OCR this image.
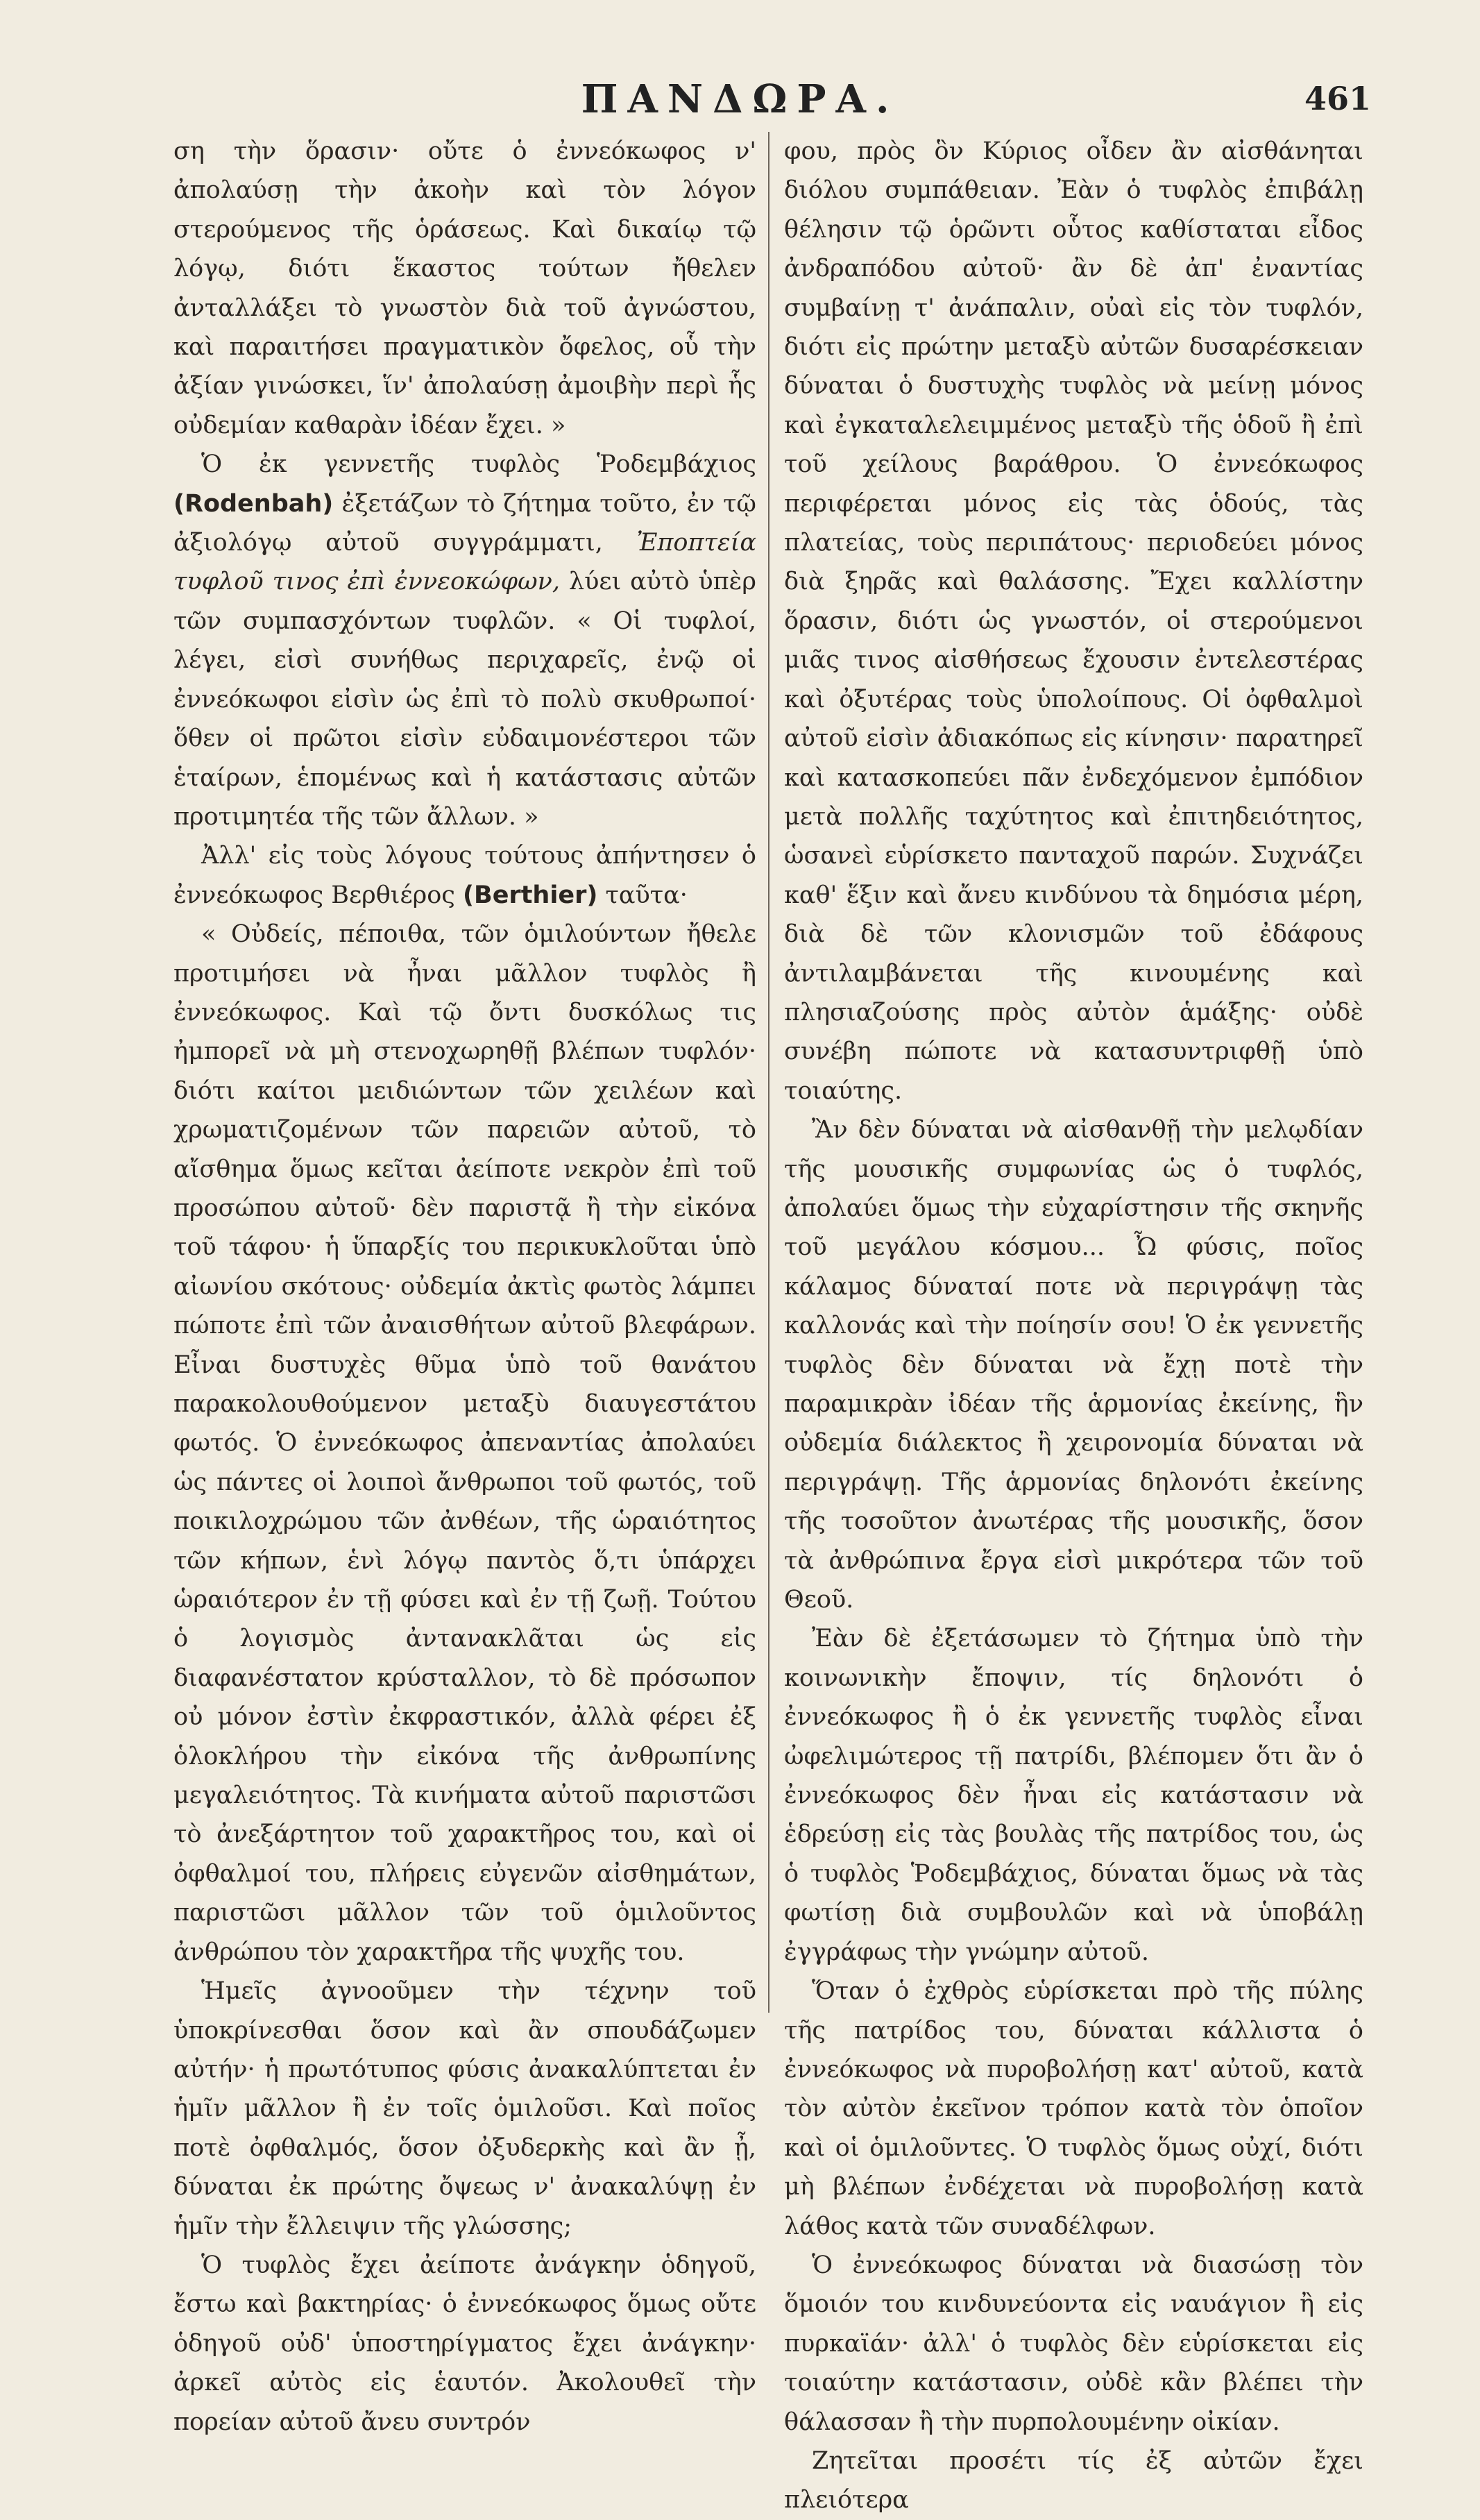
ΠΑΝΔΩΡΑ.	461

ση τὴν ὅρασιν· οὔτε ὁ ἐννεόκωφος ν' ἀπολαύσῃ τὴν ἀκοὴν καὶ τὸν λόγον στερούμενος τῆς ὁράσεως. Καὶ δικαίῳ τῷ λόγῳ, διότι ἕκαστος τούτων ἤθελεν ἀνταλλάξει τὸ γνωστὸν διὰ τοῦ ἀγνώστου, καὶ παραιτήσει πραγματικὸν ὄφελος, οὗ τὴν ἀξίαν γινώσκει, ἵν' ἀπολαύσῃ ἀμοιβὴν περὶ ἧς οὐδεμίαν καθαρὰν ἰδέαν ἔχει. »

Ὁ ἐκ γεννετῆς τυφλὸς Ῥοδεμβάχιος (Rodenbah) ἐξετάζων τὸ ζήτημα τοῦτο, ἐν τῷ ἀξιολόγῳ αὐτοῦ συγγράμματι, Ἐποπτεία τυφλοῦ τινος ἐπὶ ἐννεοκώφων, λύει αὐτὸ ὑπὲρ τῶν συμπασχόντων τυφλῶν. « Οἱ τυφλοί, λέγει, εἰσὶ συνήθως περιχαρεῖς, ἐνῷ οἱ ἐννεόκωφοι εἰσὶν ὡς ἐπὶ τὸ πολὺ σκυθρωποί· ὅθεν οἱ πρῶτοι εἰσὶν εὐδαιμονέστεροι τῶν ἑταίρων, ἑπομένως καὶ ἡ κατάστασις αὐτῶν προτιμητέα τῆς τῶν ἄλλων. »

Ἀλλ' εἰς τοὺς λόγους τούτους ἀπήντησεν ὁ ἐννεόκωφος Βερθιέρος (Berthier) ταῦτα·

« Οὐδείς, πέποιθα, τῶν ὁμιλούντων ἤθελε προτιμήσει νὰ ἦναι μᾶλλον τυφλὸς ἢ ἐννεόκωφος. Καὶ τῷ ὄντι δυσκόλως τις ἠμπορεῖ νὰ μὴ στενοχωρηθῇ βλέπων τυφλόν· διότι καίτοι μειδιώντων τῶν χειλέων καὶ χρωματιζομένων τῶν παρειῶν αὐτοῦ, τὸ αἴσθημα ὅμως κεῖται ἀείποτε νεκρὸν ἐπὶ τοῦ προσώπου αὐτοῦ· δὲν παριστᾷ ἢ τὴν εἰκόνα τοῦ τάφου· ἡ ὕπαρξίς του περικυκλοῦται ὑπὸ αἰωνίου σκότους· οὐδεμία ἀκτὶς φωτὸς λάμπει πώποτε ἐπὶ τῶν ἀναισθήτων αὐτοῦ βλεφάρων. Εἶναι δυστυχὲς θῦμα ὑπὸ τοῦ θανάτου παρακολουθούμενον μεταξὺ διαυγεστάτου φωτός. Ὁ ἐννεόκωφος ἀπεναντίας ἀπολαύει ὡς πάντες οἱ λοιποὶ ἄνθρωποι τοῦ φωτός, τοῦ ποικιλοχρώμου τῶν ἀνθέων, τῆς ὡραιότητος τῶν κήπων, ἑνὶ λόγῳ παντὸς ὅ,τι ὑπάρχει ὡραιότερον ἐν τῇ φύσει καὶ ἐν τῇ ζωῇ. Τούτου ὁ λογισμὸς ἀντανακλᾶται ὡς εἰς διαφανέστατον κρύσταλλον, τὸ δὲ πρόσωπον οὐ μόνον ἐστὶν ἐκφραστικόν, ἀλλὰ φέρει ἐξ ὁλοκλήρου τὴν εἰκόνα τῆς ἀνθρωπίνης μεγαλειότητος. Τὰ κινήματα αὐτοῦ παριστῶσι τὸ ἀνεξάρτητον τοῦ χαρακτῆρος του, καὶ οἱ ὀφθαλμοί του, πλήρεις εὐγενῶν αἰσθημάτων, παριστῶσι μᾶλλον τῶν τοῦ ὁμιλοῦντος ἀνθρώπου τὸν χαρακτῆρα τῆς ψυχῆς του.

Ἡμεῖς ἀγνοοῦμεν τὴν τέχνην τοῦ ὑποκρίνεσθαι ὅσον καὶ ἂν σπουδάζωμεν αὐτήν· ἡ πρωτότυπος φύσις ἀνακαλύπτεται ἐν ἡμῖν μᾶλλον ἢ ἐν τοῖς ὁμιλοῦσι. Καὶ ποῖος ποτὲ ὀφθαλμός, ὅσον ὀξυδερκὴς καὶ ἂν ᾖ, δύναται ἐκ πρώτης ὄψεως ν' ἀνακαλύψῃ ἐν ἡμῖν τὴν ἔλλειψιν τῆς γλώσσης;

Ὁ τυφλὸς ἔχει ἀείποτε ἀνάγκην ὁδηγοῦ, ἔστω καὶ βακτηρίας· ὁ ἐννεόκωφος ὅμως οὔτε ὁδηγοῦ οὐδ' ὑποστηρίγματος ἔχει ἀνάγκην· ἀρκεῖ αὐτὸς εἰς ἑαυτόν. Ἀκολουθεῖ τὴν πορείαν αὐτοῦ ἄνευ συντρόν

φου, πρὸς ὃν Κύριος οἶδεν ἂν αἰσθάνηται διόλου συμπάθειαν. Ἐὰν ὁ τυφλὸς ἐπιβάλῃ θέλησιν τῷ ὁρῶντι οὗτος καθίσταται εἶδος ἀνδραπόδου αὐτοῦ· ἂν δὲ ἀπ' ἐναντίας συμβαίνῃ τ' ἀνάπαλιν, οὐαὶ εἰς τὸν τυφλόν, διότι εἰς πρώτην μεταξὺ αὐτῶν δυσαρέσκειαν δύναται ὁ δυστυχὴς τυφλὸς νὰ μείνῃ μόνος καὶ ἐγκαταλελειμμένος μεταξὺ τῆς ὁδοῦ ἢ ἐπὶ τοῦ χείλους βαράθρου. Ὁ ἐννεόκωφος περιφέρεται μόνος εἰς τὰς ὁδούς, τὰς πλατείας, τοὺς περιπάτους· περιοδεύει μόνος διὰ ξηρᾶς καὶ θαλάσσης. Ἔχει καλλίστην ὅρασιν, διότι ὡς γνωστόν, οἱ στερούμενοι μιᾶς τινος αἰσθήσεως ἔχουσιν ἐντελεστέρας καὶ ὀξυτέρας τοὺς ὑπολοίπους. Οἱ ὀφθαλμοὶ αὐτοῦ εἰσὶν ἀδιακόπως εἰς κίνησιν· παρατηρεῖ καὶ κατασκοπεύει πᾶν ἐνδεχόμενον ἐμπόδιον μετὰ πολλῆς ταχύτητος καὶ ἐπιτηδειότητος, ὡσανεὶ εὑρίσκετο πανταχοῦ παρών. Συχνάζει καθ' ἕξιν καὶ ἄνευ κινδύνου τὰ δημόσια μέρη, διὰ δὲ τῶν κλονισμῶν τοῦ ἐδάφους ἀντιλαμβάνεται τῆς κινουμένης καὶ πλησιαζούσης πρὸς αὐτὸν ἁμάξης· οὐδὲ συνέβη πώποτε νὰ κατασυντριφθῇ ὑπὸ τοιαύτης.

Ἂν δὲν δύναται νὰ αἰσθανθῇ τὴν μελῳδίαν τῆς μουσικῆς συμφωνίας ὡς ὁ τυφλός, ἀπολαύει ὅμως τὴν εὐχαρίστησιν τῆς σκηνῆς τοῦ μεγάλου κόσμου... Ὦ φύσις, ποῖος κάλαμος δύναταί ποτε νὰ περιγράψῃ τὰς καλλονάς καὶ τὴν ποίησίν σου! Ὁ ἐκ γεννετῆς τυφλὸς δὲν δύναται νὰ ἔχῃ ποτὲ τὴν παραμικρὰν ἰδέαν τῆς ἁρμονίας ἐκείνης, ἣν οὐδεμία διάλεκτος ἢ χειρονομία δύναται νὰ περιγράψῃ. Τῆς ἁρμονίας δηλονότι ἐκείνης τῆς τοσοῦτον ἀνωτέρας τῆς μουσικῆς, ὅσον τὰ ἀνθρώπινα ἔργα εἰσὶ μικρότερα τῶν τοῦ Θεοῦ.

Ἐὰν δὲ ἐξετάσωμεν τὸ ζήτημα ὑπὸ τὴν κοινωνικὴν ἔποψιν, τίς δηλονότι ὁ ἐννεόκωφος ἢ ὁ ἐκ γεννετῆς τυφλὸς εἶναι ὠφελιμώτερος τῇ πατρίδι, βλέπομεν ὅτι ἂν ὁ ἐννεόκωφος δὲν ἦναι εἰς κατάστασιν νὰ ἑδρεύσῃ εἰς τὰς βουλὰς τῆς πατρίδος του, ὡς ὁ τυφλὸς Ῥοδεμβάχιος, δύναται ὅμως νὰ τὰς φωτίσῃ διὰ συμβουλῶν καὶ νὰ ὑποβάλῃ ἐγγράφως τὴν γνώμην αὐτοῦ.

Ὅταν ὁ ἐχθρὸς εὑρίσκεται πρὸ τῆς πύλης τῆς πατρίδος του, δύναται κάλλιστα ὁ ἐννεόκωφος νὰ πυροβολήσῃ κατ' αὐτοῦ, κατὰ τὸν αὐτὸν ἐκεῖνον τρόπον κατὰ τὸν ὁποῖον καὶ οἱ ὁμιλοῦντες. Ὁ τυφλὸς ὅμως οὐχί, διότι μὴ βλέπων ἐνδέχεται νὰ πυροβολήσῃ κατὰ λάθος κατὰ τῶν συναδέλφων.

Ὁ ἐννεόκωφος δύναται νὰ διασώσῃ τὸν ὅμοιόν του κινδυνεύοντα εἰς ναυάγιον ἢ εἰς πυρκαϊάν· ἀλλ' ὁ τυφλὸς δὲν εὑρίσκεται εἰς τοιαύτην κατάστασιν, οὐδὲ κἂν βλέπει τὴν θάλασσαν ἢ τὴν πυρπολουμένην οἰκίαν.

Ζητεῖται προσέτι τίς ἐξ αὐτῶν ἔχει πλειότερα
